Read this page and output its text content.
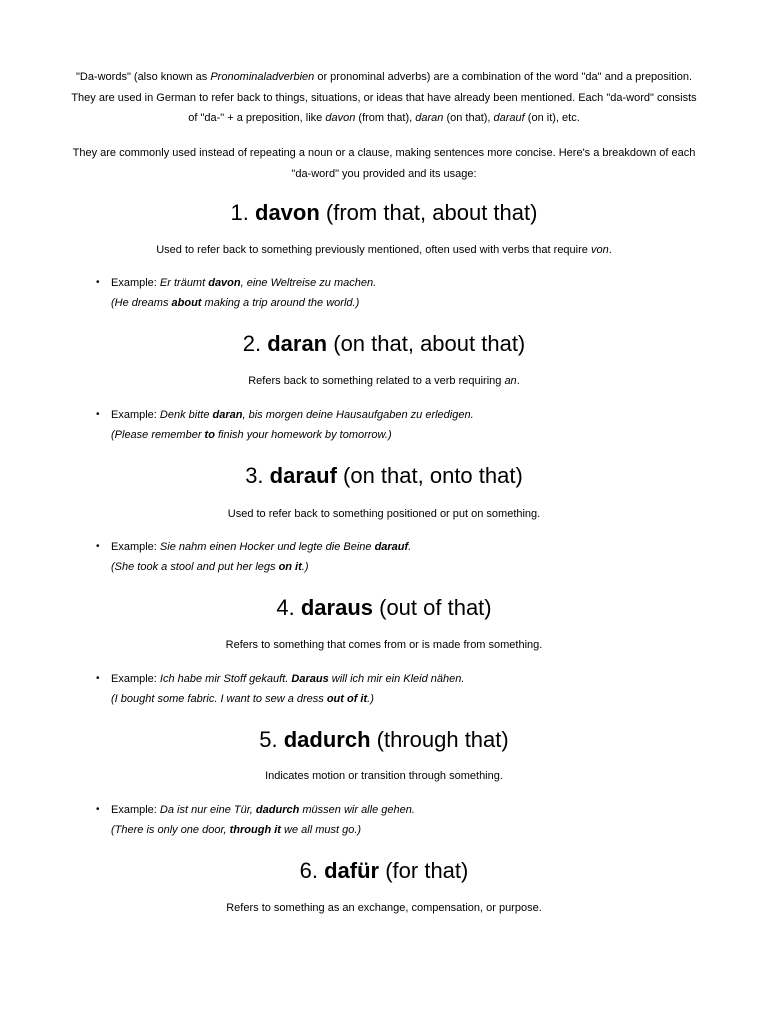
"Da-words" (also known as Pronominaladverbien or pronominal adverbs) are a combination of the word "da" and a preposition. They are used in German to refer back to things, situations, or ideas that have already been mentioned. Each "da-word" consists of "da-" + a preposition, like davon (from that), daran (on that), darauf (on it), etc.

They are commonly used instead of repeating a noun or a clause, making sentences more concise. Here's a breakdown of each "da-word" you provided and its usage:

1. davon (from that, about that)

Used to refer back to something previously mentioned, often used with verbs that require von.

• Example: Er träumt davon, eine Weltreise zu machen.
(He dreams about making a trip around the world.)
2. daran (on that, about that)

Refers back to something related to a verb requiring an.

• Example: Denk bitte daran, bis morgen deine Hausaufgaben zu erledigen.
(Please remember to finish your homework by tomorrow.)
3. darauf (on that, onto that)

Used to refer back to something positioned or put on something.

• Example: Sie nahm einen Hocker und legte die Beine darauf.
(She took a stool and put her legs on it.)
4. daraus (out of that)

Refers to something that comes from or is made from something.

• Example: Ich habe mir Stoff gekauft. Daraus will ich mir ein Kleid nähen.
(I bought some fabric. I want to sew a dress out of it.)
5. dadurch (through that)

Indicates motion or transition through something.

• Example: Da ist nur eine Tür, dadurch müssen wir alle gehen.
(There is only one door, through it we all must go.)
6. dafür (for that)

Refers to something as an exchange, compensation, or purpose.
